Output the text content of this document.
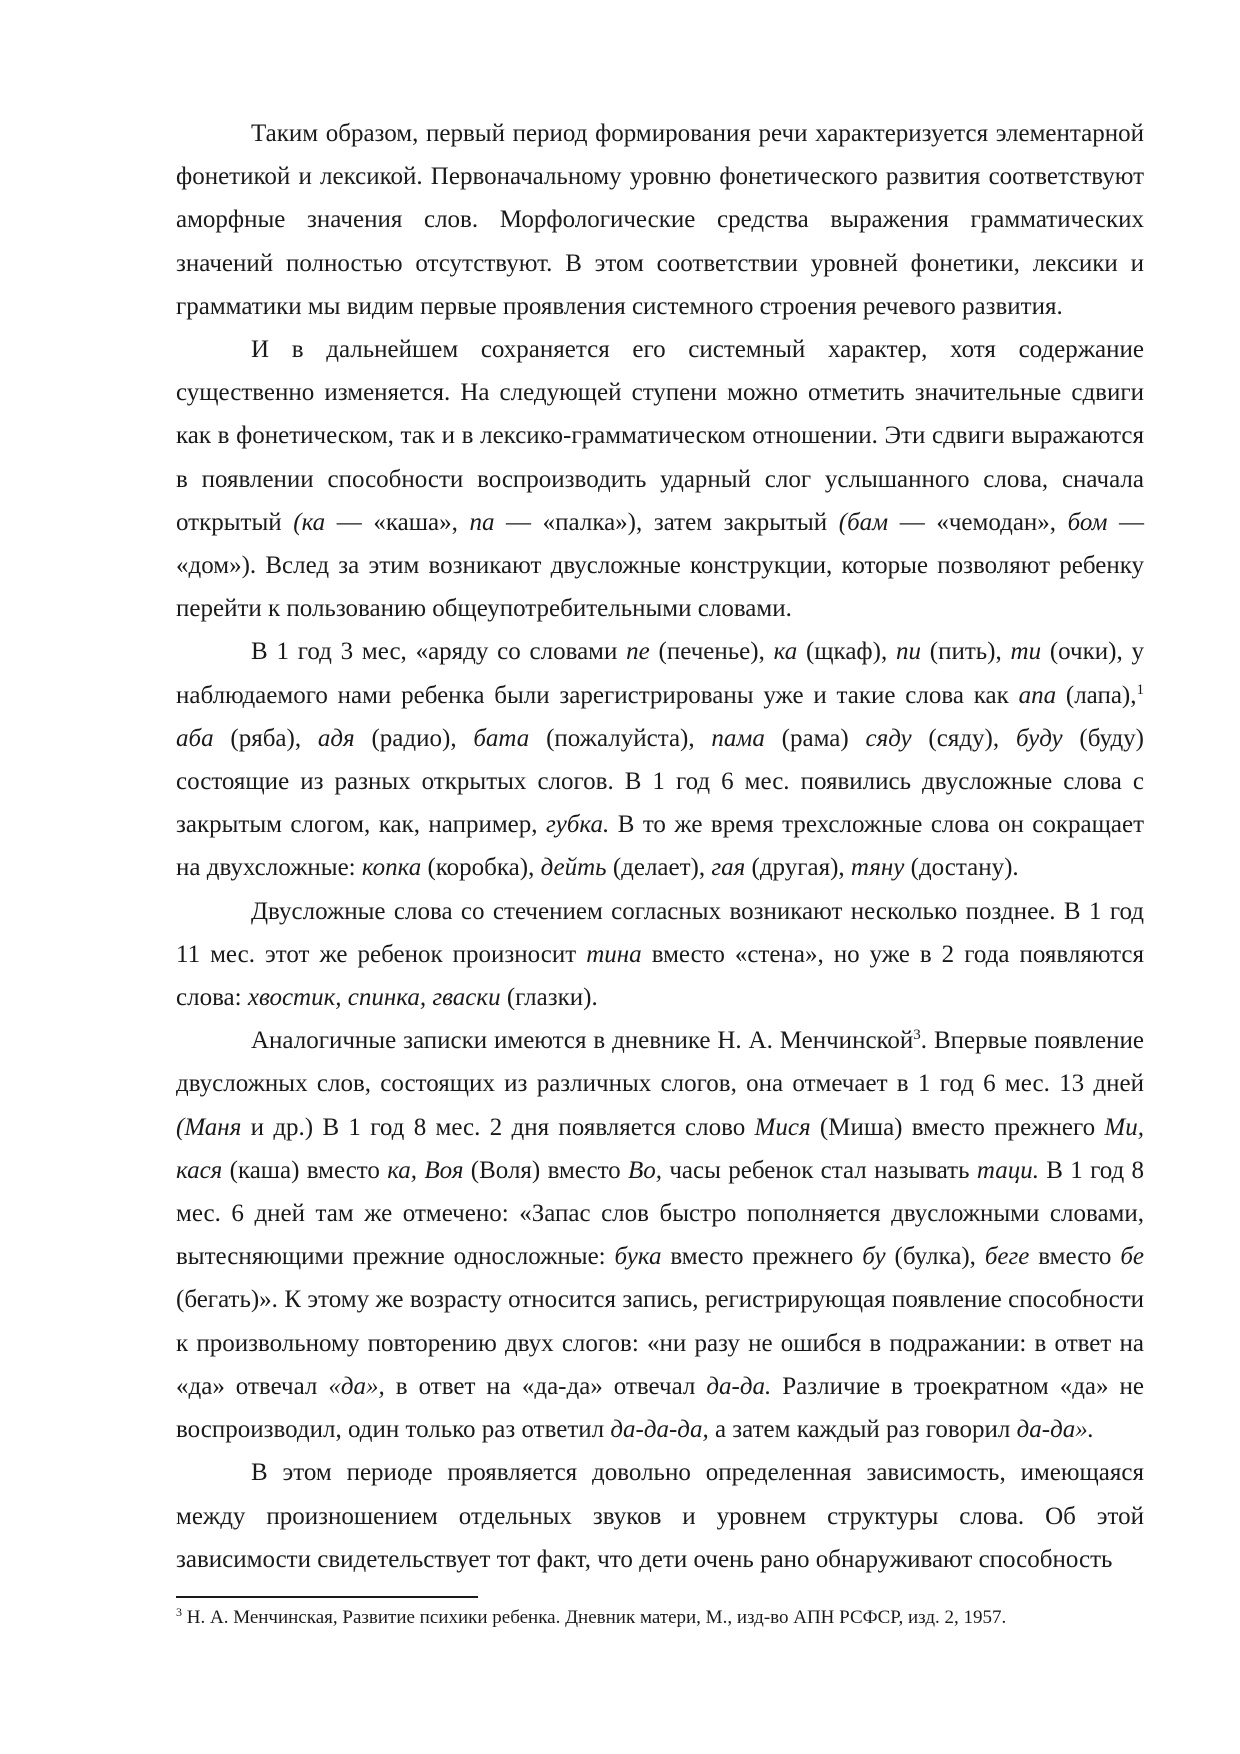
Таким образом, первый период формирования речи характеризуется элементарной фонетикой и лексикой. Первоначальному уровню фонетического развития соответствуют аморфные значения слов. Морфологические средства выражения грамматических значений полностью отсутствуют. В этом соответствии уровней фонетики, лексики и грамматики мы видим первые проявления системного строения речевого развития.

И в дальнейшем сохраняется его системный характер, хотя содержание существенно изменяется. На следующей ступени можно отметить значительные сдвиги как в фонетическом, так и в лексико-грамматическом отношении. Эти сдвиги выражаются в появлении способности воспроизводить ударный слог услышанного слова, сначала открытый (ка — «каша», па — «палка»), затем закрытый (бам — «чемодан», бом — «дом»). Вслед за этим возникают двусложные конструкции, которые позволяют ребенку перейти к пользованию общеупотребительными словами.

В 1 год 3 мес, «аряду со словами пе (печенье), ка (щкаф), пи (пить), ти (очки), у наблюдаемого нами ребенка были зарегистрированы уже и такие слова как апа (лапа),$^1$ аба (ряба), адя (радио), бата (пожалуйста), пама (рама) сяду (сяду), буду (буду) состоящие из разных открытых слогов. В 1 год 6 мес. появились двусложные слова с закрытым слогом, как, например, губка. В то же время трехсложные слова он сокращает на двухсложные: копка (коробка), дейть (делает), гая (другая), тяну (достану).

Двусложные слова со стечением согласных возникают несколько позднее. В 1 год 11 мес. этот же ребенок произносит тина вместо «стена», но уже в 2 года появляются слова: хвостик, спинка, гваски (глазки).

Аналогичные записки имеются в дневнике Н. А. Менчинской$^3$. Впервые появление двусложных слов, состоящих из различных слогов, она отмечает в 1 год 6 мес. 13 дней (Маня и др.) В 1 год 8 мес. 2 дня появляется слово Мися (Миша) вместо прежнего Ми, кася (каша) вместо ка, Воя (Воля) вместо Во, часы ребенок стал называть таци. В 1 год 8 мес. 6 дней там же отмечено: «Запас слов быстро пополняется двусложными словами, вытесняющими прежние односложные: бука вместо прежнего бу (булка), беге вместо бе (бегать)». К этому же возрасту относится запись, регистрирующая появление способности к произвольному повторению двух слогов: «ни разу не ошибся в подражании: в ответ на «да» отвечал «да», в ответ на «да-да» отвечал да-да. Различие в троекратном «да» не воспроизводил, один только раз ответил да-да-да, а затем каждый раз говорил да-да».

В этом периоде проявляется довольно определенная зависимость, имеющаяся между произношением отдельных звуков и уровнем структуры слова. Об этой зависимости свидетельствует тот факт, что дети очень рано обнаруживают способность

$^3$ Н. А. Менчинская, Развитие психики ребенка. Дневник матери, М., изд-во АПН РСФСР, изд. 2, 1957.
